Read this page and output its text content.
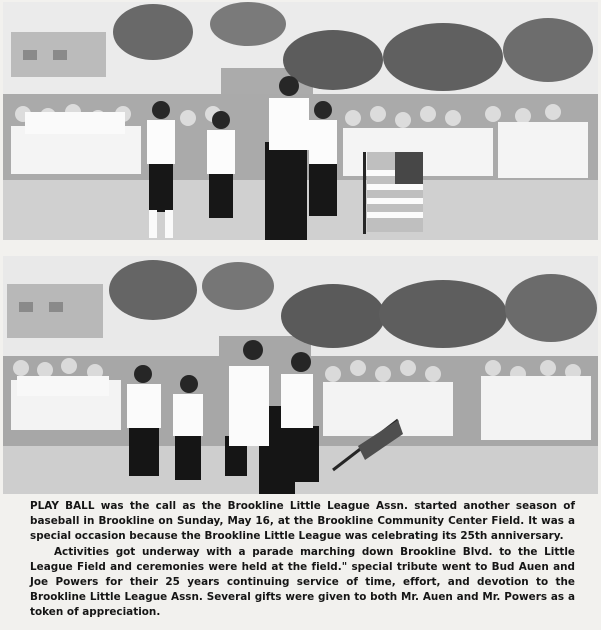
PLAY BALL was the call as the Brookline Little League Assn. started another season of baseball in Brookline on Sunday, May 16, at the Brookline Community Center Field. It was a special occasion because the Brookline Little League was celebrating its 25th anniversary.

Activities got underway with a parade marching down Brookline Blvd. to the Little League Field and ceremonies were held at the field." special tribute went to Bud Auen and Joe Powers for their 25 years continuing service of time, effort, and devotion to the Brookline Little League Assn. Several gifts were given to both Mr. Auen and Mr. Powers as a token of appreciation.
